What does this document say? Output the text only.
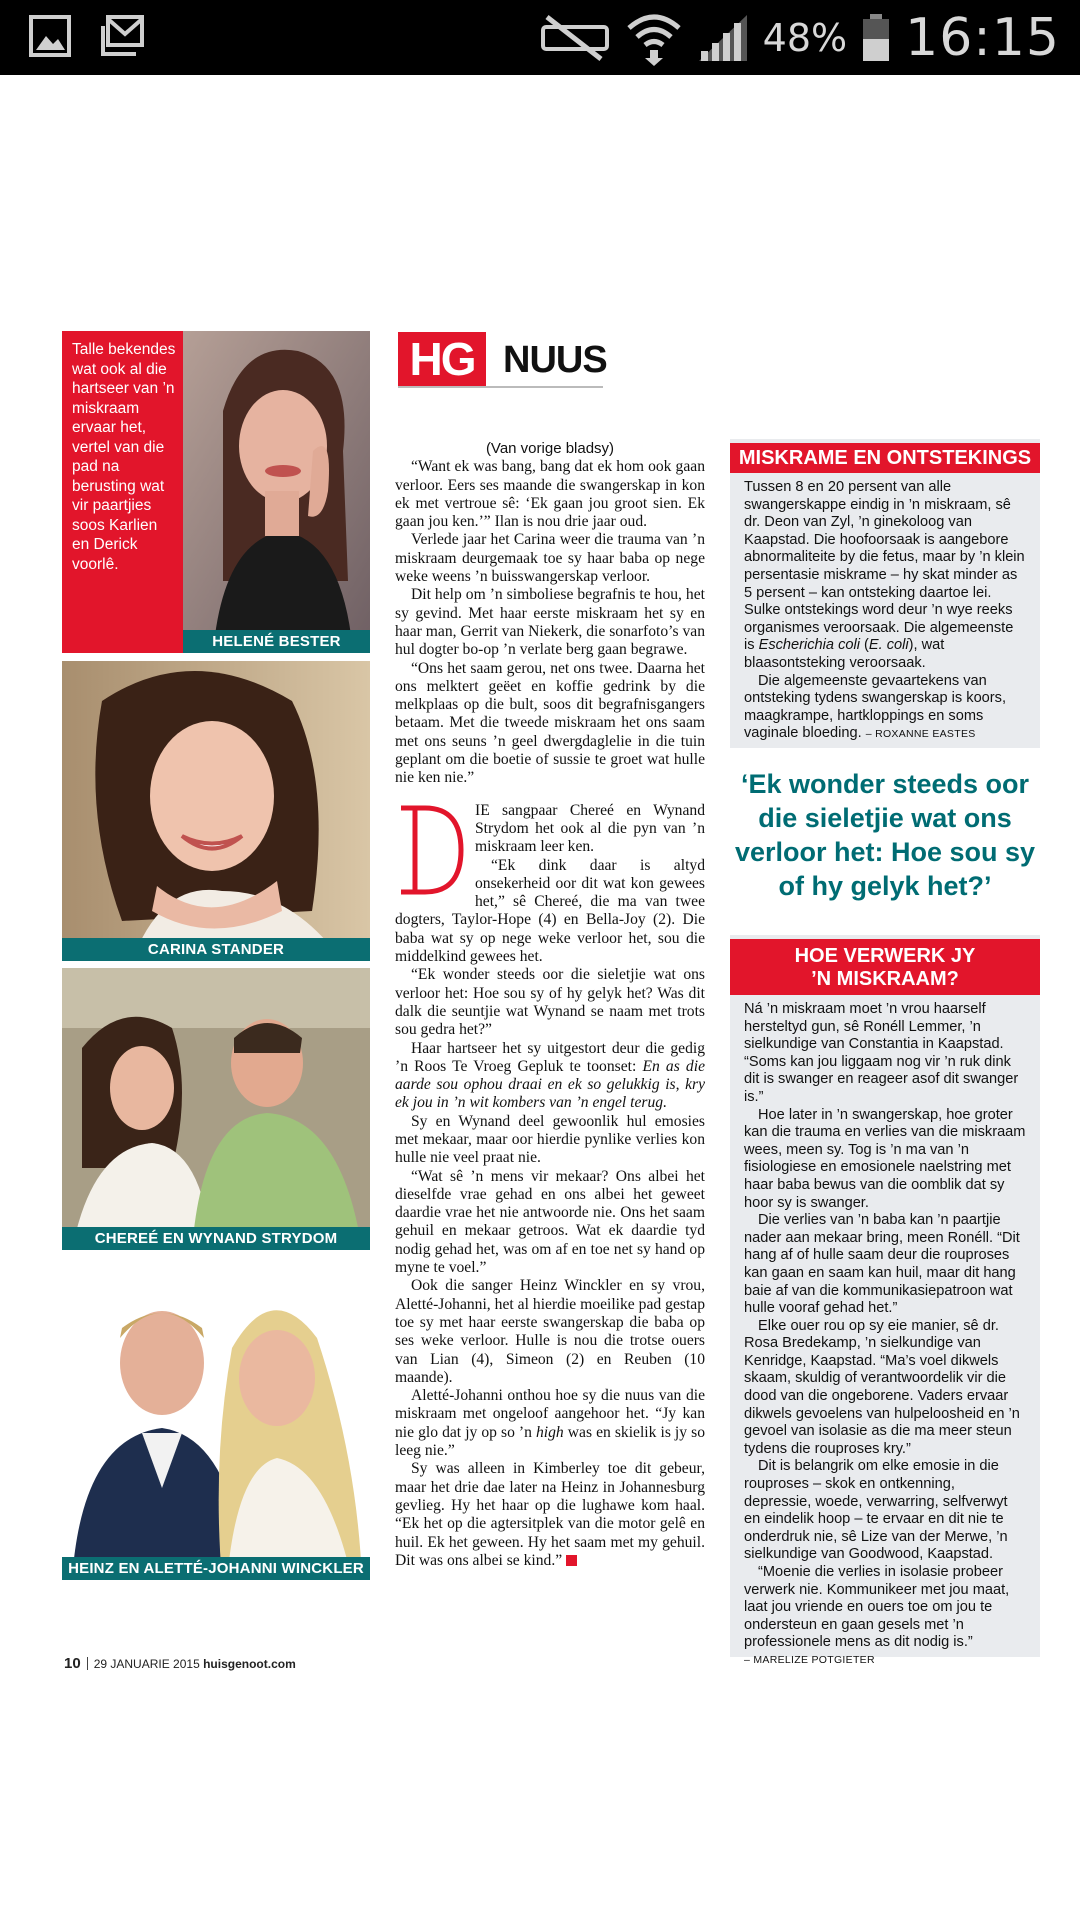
48% 16:15
Talle bekendes wat ook al die hartseer van ’n miskraam ervaar het, vertel van die pad na berusting wat vir paartjies soos Karlien en Derick voorlê.
HELENÉ BESTER
CARINA STANDER
CHEREÉ EN WYNAND STRYDOM
HEINZ EN ALETTÉ-JOHANNI WINCKLER
HG NUUS

(Van vorige bladsy)

“Want ek was bang, bang dat ek hom ook gaan verloor. Eers ses maande die swangerskap in kon ek met vertroue sê: ‘Ek gaan jou groot sien. Ek gaan jou ken.’” Ilan is nou drie jaar oud.

Verlede jaar het Carina weer die trauma van ’n miskraam deurgemaak toe sy haar baba op nege weke weens ’n buisswangerskap verloor.

Dit help om ’n simboliese begrafnis te hou, het sy gevind. Met haar eerste miskraam het sy en haar man, Gerrit van Niekerk, die sonarfoto’s van hul dogter bo-op ’n verlate berg gaan begrawe.

“Ons het saam gerou, net ons twee. Daarna het ons melktert geëet en koffie gedrink by die melkplaas op die bult, soos dit begrafnisgangers betaam. Met die tweede miskraam het ons saam met ons seuns ’n geel dwergdaglelie in die tuin geplant om die boetie of sussie te groet wat hulle nie ken nie.”

IE sangpaar Chereé en Wynand Strydom het ook al die pyn van ’n miskraam leer ken.

“Ek dink daar is altyd onsekerheid oor dit wat kon gewees het,” sê Chereé, die ma van twee dogters, Taylor-Hope (4) en Bella-Joy (2). Die baba wat sy op nege weke verloor het, sou die middelkind gewees het.

“Ek wonder steeds oor die sieletjie wat ons verloor het: Hoe sou sy of hy gelyk het? Was dit dalk die seuntjie wat Wynand se naam met trots sou gedra het?”

Haar hartseer het sy uitgestort deur die gedig ’n Roos Te Vroeg Gepluk te toonset: En as die aarde sou ophou draai en ek so gelukkig is, kry ek jou in ’n wit kombers van ’n engel terug.

Sy en Wynand deel gewoonlik hul emosies met mekaar, maar oor hierdie pynlike verlies kon hulle nie veel praat nie.

“Wat sê ’n mens vir mekaar? Ons albei het dieselfde vrae gehad en ons albei het geweet daardie vrae het nie antwoorde nie. Ons het saam gehuil en mekaar getroos. Wat ek daardie tyd nodig gehad het, was om af en toe net sy hand op myne te voel.”

Ook die sanger Heinz Winckler en sy vrou, Aletté-Johanni, het al hierdie moeilike pad gestap toe sy met haar eerste swangerskap die baba op ses weke verloor. Hulle is nou die trotse ouers van Lian (4), Simeon (2) en Reuben (10 maande).

Aletté-Johanni onthou hoe sy die nuus van die miskraam met ongeloof aangehoor het. “Jy kan nie glo dat jy op so ’n high was en skielik is jy so leeg nie.”

Sy was alleen in Kimberley toe dit gebeur, maar het drie dae later na Heinz in Johannesburg gevlieg. Hy het haar op die lughawe kom haal. “Ek het op die agtersitplek van die motor gelê en huil. Ek het geween. Hy het saam met my gehuil. Dit was ons albei se kind.”

MISKRAME EN ONTSTEKINGS

Tussen 8 en 20 persent van alle swangerskappe eindig in ’n miskraam, sê dr. Deon van Zyl, ’n ginekoloog van Kaapstad. Die hoofoorsaak is aangebore abnormaliteite by die fetus, maar by ’n klein persentasie miskrame – hy skat minder as 5 persent – kan ontsteking daartoe lei. Sulke ontstekings word deur ’n wye reeks organismes veroorsaak. Die algemeenste is Escherichia coli (E. coli), wat blaasontsteking veroorsaak.

Die algemeenste gevaartekens van ontsteking tydens swangerskap is koors, maagkrampe, hartkloppings en soms vaginale bloeding. – ROXANNE EASTES

‘Ek wonder steeds oor die sieletjie wat ons verloor het: Hoe sou sy of hy gelyk het?’
HOE VERWERK JY
’N MISKRAAM?

Ná ’n miskraam moet ’n vrou haarself hersteltyd gun, sê Ronéll Lemmer, ’n sielkundige van Constantia in Kaapstad. “Soms kan jou liggaam nog vir ’n ruk dink dit is swanger en reageer asof dit swanger is.”

Hoe later in ’n swangerskap, hoe groter kan die trauma en verlies van die miskraam wees, meen sy. Tog is ’n ma van ’n fisiologiese en emosionele naelstring met haar baba bewus van die oomblik dat sy hoor sy is swanger.

Die verlies van ’n baba kan ’n paartjie nader aan mekaar bring, meen Ronéll. “Dit hang af of hulle saam deur die rouproses kan gaan en saam kan huil, maar dit hang baie af van die kommunikasiepatroon wat hulle vooraf gehad het.”

Elke ouer rou op sy eie manier, sê dr. Rosa Bredekamp, ’n sielkundige van Kenridge, Kaapstad. “Ma’s voel dikwels skaam, skuldig of verantwoordelik vir die dood van die ongeborene. Vaders ervaar dikwels gevoelens van hulpeloosheid en ’n gevoel van isolasie as die ma meer steun tydens die rouproses kry.”

Dit is belangrik om elke emosie in die rouproses – skok en ontkenning, depressie, woede, verwarring, selfverwyt en eindelik hoop – te ervaar en dit nie te onderdruk nie, sê Lize van der Merwe, ’n sielkundige van Goodwood, Kaapstad.

“Moenie die verlies in isolasie probeer verwerk nie. Kommunikeer met jou maat, laat jou vriende en ouers toe om jou te ondersteun en gaan gesels met ’n professionele mens as dit nodig is.”

– MARELIZE POTGIETER

10 29 JANUARIE 2015 huisgenoot.com
